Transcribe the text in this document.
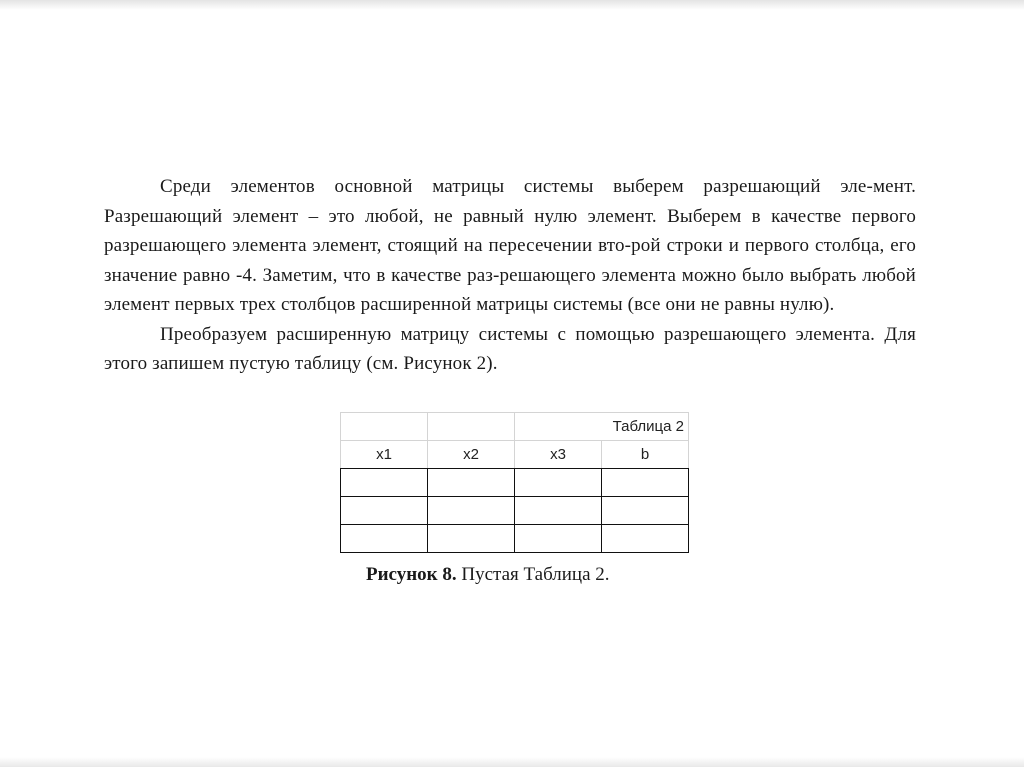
Среди элементов основной матрицы системы выберем разрешающий эле-мент. Разрешающий элемент – это любой, не равный нулю элемент. Выберем в качестве первого разрешающего элемента элемент, стоящий на пересечении вто-рой строки и первого столбца, его значение равно -4. Заметим, что в качестве раз-решающего элемента можно было выбрать любой элемент первых трех столбцов расширенной матрицы системы (все они не равны нулю).

Преобразуем расширенную матрицу системы с помощью разрешающего элемента. Для этого запишем пустую таблицу (см. Рисунок 2).

		Таблица 2	
x1	x2	x3	b

Рисунок 8. Пустая Таблица 2.
